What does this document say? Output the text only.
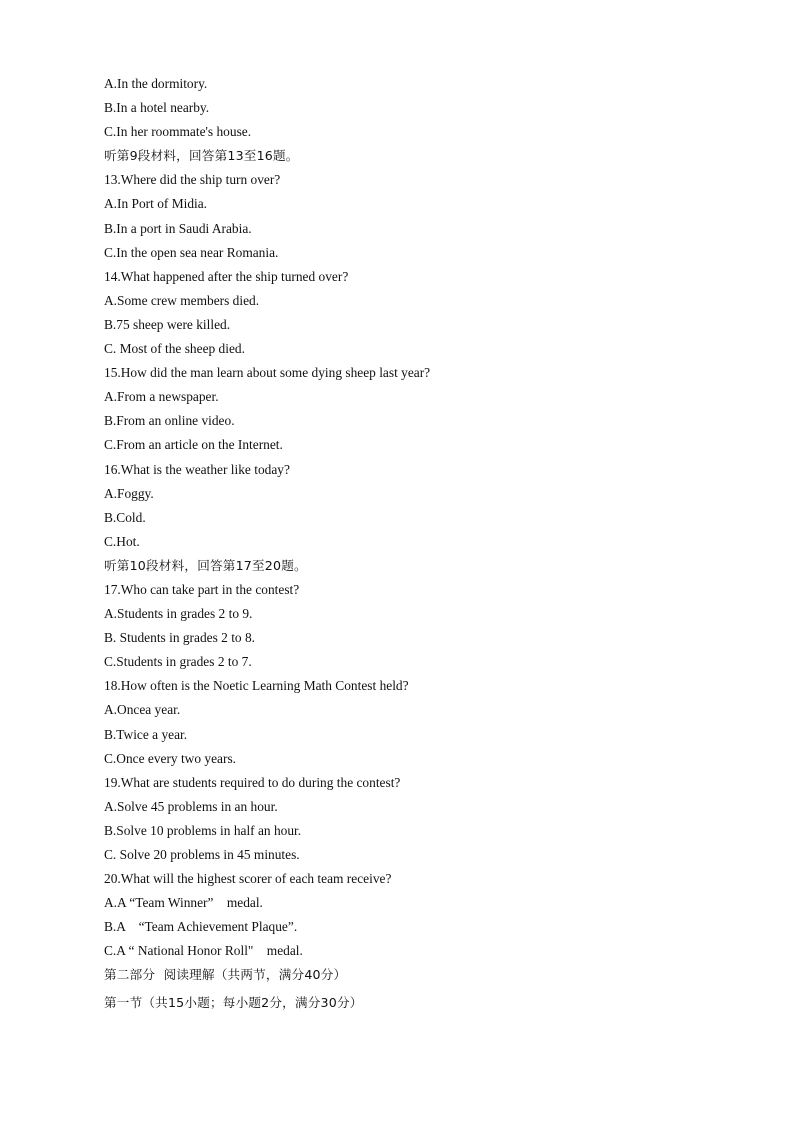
A.In the dormitory.
B.In a hotel nearby.
C.In her roommate's house.
听第9段材料，回答第13至16题。
13.Where did the ship turn over?
A.In Port of Midia.
B.In a port in Saudi Arabia.
C.In the open sea near Romania.
14.What happened after the ship turned over?
A.Some crew members died.
B.75 sheep were killed.
C. Most of the sheep died.
15.How did the man learn about some dying sheep last year?
A.From a newspaper.
B.From an online video.
C.From an article on the Internet.
16.What is the weather like today?
A.Foggy.
B.Cold.
C.Hot.
听第10段材料，回答第17至20题。
17.Who can take part in the contest?
A.Students in grades 2 to 9.
B. Students in grades 2 to 8.
C.Students in grades 2 to 7.
18.How often is the Noetic Learning Math Contest held?
A.Oncea year.
B.Twice a year.
C.Once every two years.
19.What are students required to do during the contest?
A.Solve 45 problems in an hour.
B.Solve 10 problems in half an hour.
C. Solve 20 problems in 45 minutes.
20.What will the highest scorer of each team receive?
A.A “Team Winner”    medal.
B.A    “Team Achievement Plaque”.
C.A “ National Honor Roll"    medal.
第二部分  阅读理解（共两节，满分40分）
第一节（共15小题；每小题2分，满分30分）
